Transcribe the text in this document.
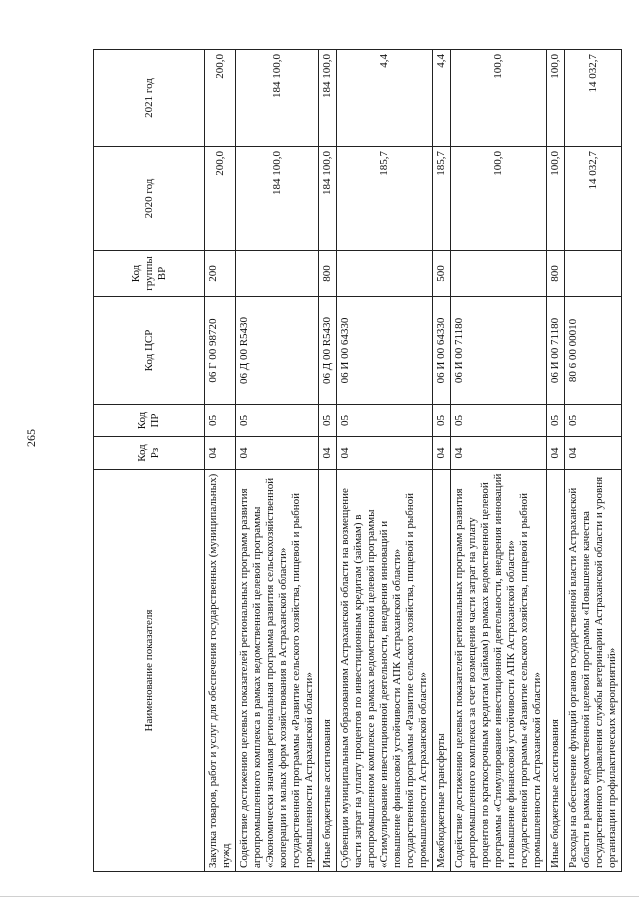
265
Наименование показателя	Код Рз	Код ПР	Код ЦСР	Код группы ВР	2020 год	2021 год
Закупка товаров, работ и услуг для обеспечения государственных (муниципальных) нужд	04	05	06 Г 00 98720	200	200,0	200,0
Содействие достижению целевых показателей региональных программ развития агропромышленного комплекса в рамках ведомственной целевой программы «Экономически значимая региональная программа развития сельскохозяйственной кооперации и малых форм хозяйствования в Астраханской области» государственной программы «Развитие сельского хозяйства, пищевой и рыбной промышленности Астраханской области»	04	05	06 Д 00 R5430		184 100,0	184 100,0
Иные бюджетные ассигнования	04	05	06 Д 00 R5430	800	184 100,0	184 100,0
Субвенции муниципальным образованиям Астраханской области на возмещение части затрат на уплату процентов по инвестиционным кредитам (займам) в агропромышленном комплексе в рамках ведомственной целевой программы «Стимулирование инвестиционной деятельности, внедрения инноваций и повышение финансовой устойчивости АПК Астраханской области» государственной программы «Развитие сельского хозяйства, пищевой и рыбной промышленности Астраханской области»	04	05	06 И 00 64330		185,7	4,4
Межбюджетные трансферты	04	05	06 И 00 64330	500	185,7	4,4
Содействие достижению целевых показателей региональных программ развития агропромышленного комплекса за счет возмещения части затрат на уплату процентов по краткосрочным кредитам (займам) в рамках ведомственной целевой программы «Стимулирование инвестиционной деятельности, внедрения инноваций и повышение финансовой устойчивости АПК Астраханской области» государственной программы «Развитие сельского хозяйства, пищевой и рыбной промышленности Астраханской области»	04	05	06 И 00 71180		100,0	100,0
Иные бюджетные ассигнования	04	05	06 И 00 71180	800	100,0	100,0
Расходы на обеспечение функций органов государственной власти Астраханской области в рамках ведомственной целевой программы «Повышение качества государственного управления службы ветеринарии Астраханской области и уровня организации профилактических мероприятий»	04	05	80 6 00 00010		14 032,7	14 032,7
